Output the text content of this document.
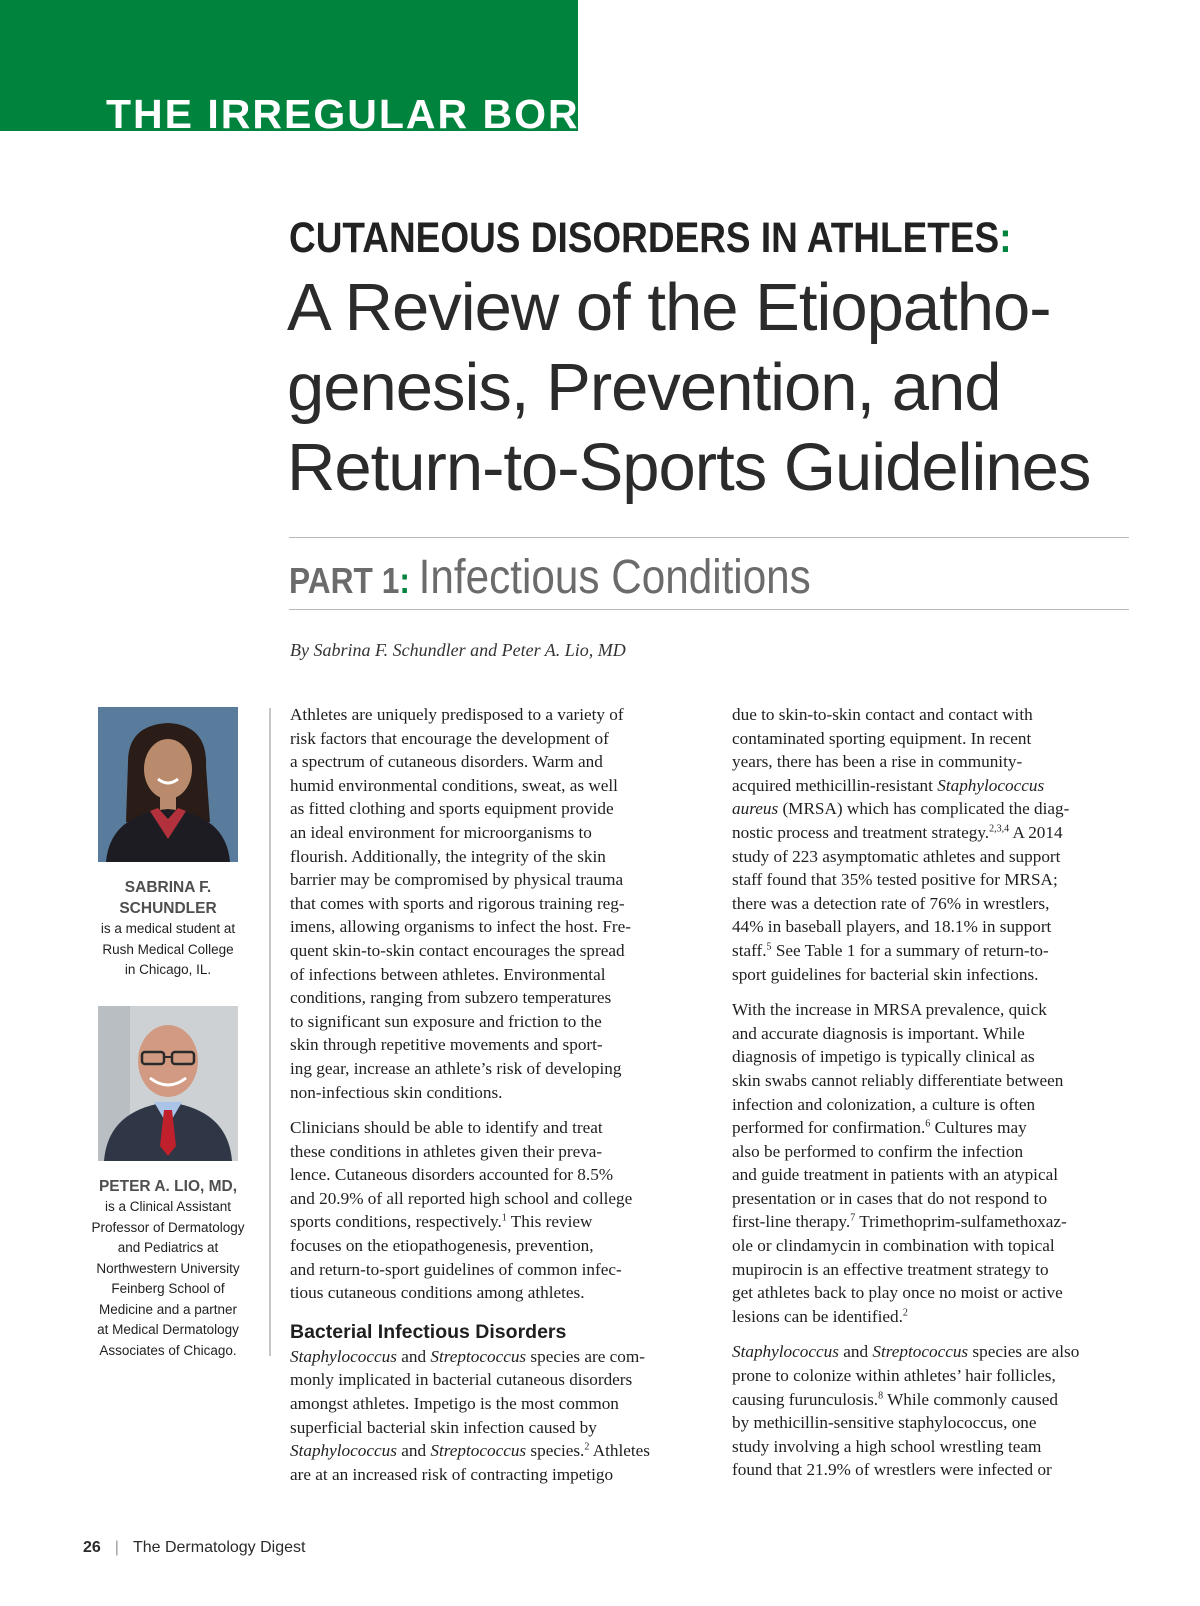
THE IRREGULAR BORDER
CUTANEOUS DISORDERS IN ATHLETES:
A Review of the Etiopatho-
genesis, Prevention, and
Return-to-Sports Guidelines
PART 1: Infectious Conditions
By Sabrina F. Schundler and Peter A. Lio, MD
SABRINA F.
SCHUNDLER
is a medical student at
Rush Medical College
in Chicago, IL.
PETER A. LIO, MD,
is a Clinical Assistant
Professor of Dermatology
and Pediatrics at
Northwestern University
Feinberg School of
Medicine and a partner
at Medical Dermatology
Associates of Chicago.

Athletes are uniquely predisposed to a variety of
risk factors that encourage the development of
a spectrum of cutaneous disorders. Warm and
humid environmental conditions, sweat, as well
as fitted clothing and sports equipment provide
an ideal environment for microorganisms to
flourish. Additionally, the integrity of the skin
barrier may be compromised by physical trauma
that comes with sports and rigorous training reg-
imens, allowing organisms to infect the host. Fre-
quent skin-to-skin contact encourages the spread
of infections between athletes. Environmental
conditions, ranging from subzero temperatures
to significant sun exposure and friction to the
skin through repetitive movements and sport-
ing gear, increase an athlete’s risk of developing
non-infectious skin conditions.

Clinicians should be able to identify and treat
these conditions in athletes given their preva-
lence. Cutaneous disorders accounted for 8.5%
and 20.9% of all reported high school and college
sports conditions, respectively.$^1$ This review
focuses on the etiopathogenesis, prevention,
and return-to-sport guidelines of common infec-
tious cutaneous conditions among athletes.

Bacterial Infectious Disorders

Staphylococcus and Streptococcus species are com-
monly implicated in bacterial cutaneous disorders
amongst athletes. Impetigo is the most common
superficial bacterial skin infection caused by
Staphylococcus and Streptococcus species.$^2$ Athletes
are at an increased risk of contracting impetigo

due to skin-to-skin contact and contact with
contaminated sporting equipment. In recent
years, there has been a rise in community-
acquired methicillin-resistant Staphylococcus
aureus (MRSA) which has complicated the diag-
nostic process and treatment strategy.$^{2,3,4}$ A 2014
study of 223 asymptomatic athletes and support
staff found that 35% tested positive for MRSA;
there was a detection rate of 76% in wrestlers,
44% in baseball players, and 18.1% in support
staff.$^5$ See Table 1 for a summary of return-to-
sport guidelines for bacterial skin infections.

With the increase in MRSA prevalence, quick
and accurate diagnosis is important. While
diagnosis of impetigo is typically clinical as
skin swabs cannot reliably differentiate between
infection and colonization, a culture is often
performed for confirmation.$^6$ Cultures may
also be performed to confirm the infection
and guide treatment in patients with an atypical
presentation or in cases that do not respond to
first-line therapy.$^7$ Trimethoprim-sulfamethoxaz-
ole or clindamycin in combination with topical
mupirocin is an effective treatment strategy to
get athletes back to play once no moist or active
lesions can be identified.$^2$

Staphylococcus and Streptococcus species are also
prone to colonize within athletes’ hair follicles,
causing furunculosis.$^8$ While commonly caused
by methicillin-sensitive staphylococcus, one
study involving a high school wrestling team
found that 21.9% of wrestlers were infected or

26 | The Dermatology Digest
